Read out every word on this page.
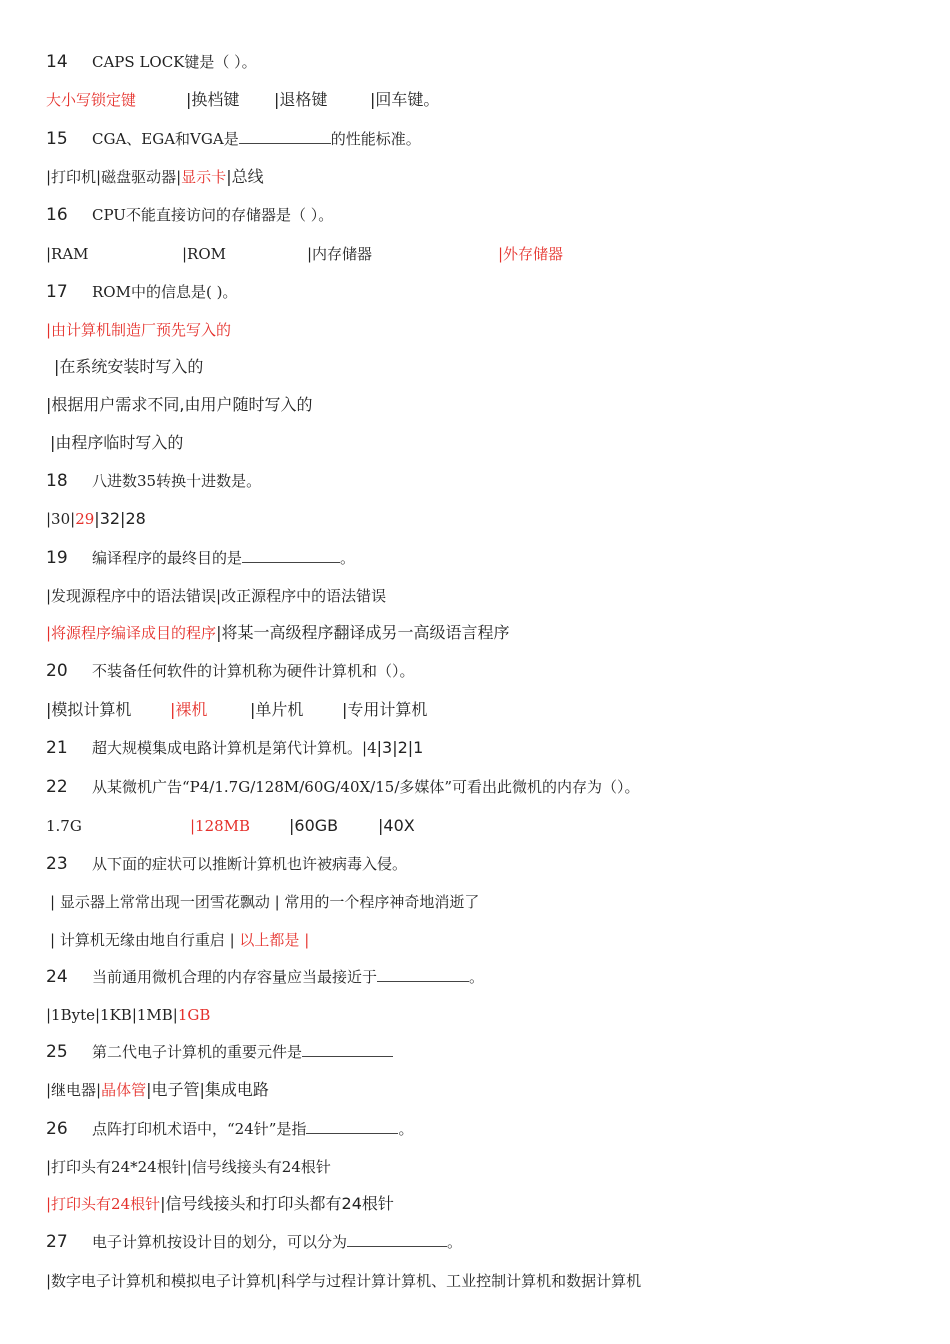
14 CAPS LOCK键是（ ）。
大小写锁定键	|换档键 |退格键	|回车键。
15 CGA、EGA和VGA是	的性能标准。
|打印机|磁盘驱动器|显示卡|总线
16 CPU不能直接访问的存储器是（ ）。
|RAM	|ROM	|内存储器	|外存储器
17 ROM中的信息是( )。
|由计算机制造厂预先写入的
|在系统安装时写入的
|根据用户需求不同,由用户随时写入的
|由程序临时写入的
18 八进数35转换十进数是。
|30|29|32|28
19 编译程序的最终目的是	。
|发现源程序中的语法错误|改正源程序中的语法错误
|将源程序编译成目的程序|将某一高级程序翻译成另一高级语言程序
20 不装备任何软件的计算机称为硬件计算机和（）。
|模拟计算机 |裸机	|单片机 |专用计算机
21 超大规模集成电路计算机是第代计算机。|4|3|2|1
22 从某微机广告“P4/1.7G/128M/60G/40X/15/多媒体”可看出此微机的内存为（）。
1.7G	|128MB |60GB |40X
23 从下面的症状可以推断计算机也许被病毒入侵。
| 显示器上常常出现一团雪花飘动 | 常用的一个程序神奇地消逝了
| 计算机无缘由地自行重启 | 以上都是 |
24 当前通用微机合理的内存容量应当最接近于	。
|1Byte|1KB|1MB|1GB
25 第二代电子计算机的重要元件是
|继电器|晶体管|电子管|集成电路
26 点阵打印机术语中，“24针”是指	。
|打印头有24*24根针|信号线接头有24根针
|打印头有24根针|信号线接头和打印头都有24根针
27 电子计算机按设计目的划分，可以分为	。
|数字电子计算机和模拟电子计算机|科学与过程计算计算机、工业控制计算机和数据计算机
